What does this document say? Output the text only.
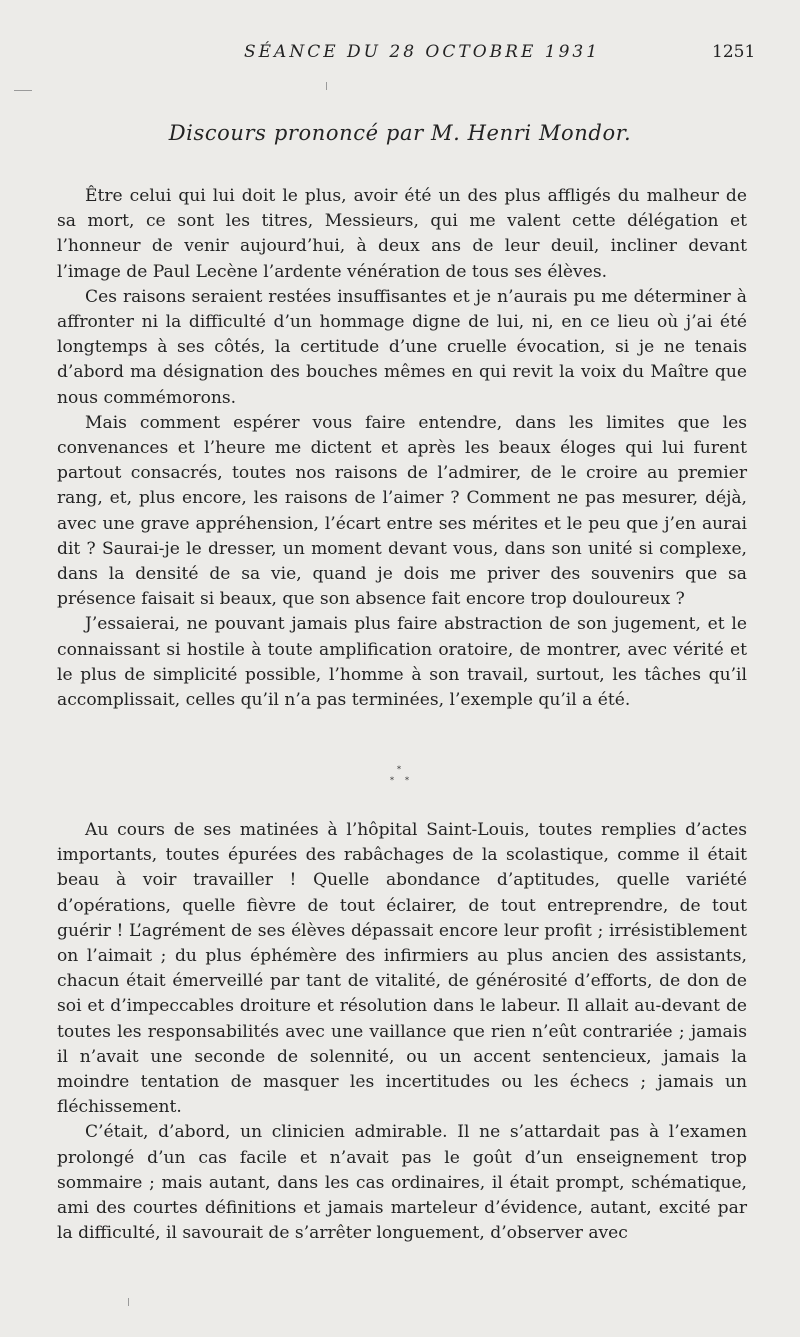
SÉANCE DU 28 OCTOBRE 1931	1251
Discours prononcé par M. Henri Mondor.

Être celui qui lui doit le plus, avoir été un des plus affligés du malheur de sa mort, ce sont les titres, Messieurs, qui me valent cette délégation et l’honneur de venir aujourd’hui, à deux ans de leur deuil, incliner devant l’image de Paul Lecène l’ardente vénération de tous ses élèves.

Ces raisons seraient restées insuffisantes et je n’aurais pu me déterminer à affronter ni la difficulté d’un hommage digne de lui, ni, en ce lieu où j’ai été longtemps à ses côtés, la certitude d’une cruelle évocation, si je ne tenais d’abord ma désignation des bouches mêmes en qui revit la voix du Maître que nous commémorons.

Mais comment espérer vous faire entendre, dans les limites que les convenances et l’heure me dictent et après les beaux éloges qui lui furent partout consacrés, toutes nos raisons de l’admirer, de le croire au premier rang, et, plus encore, les raisons de l’aimer ? Comment ne pas mesurer, déjà, avec une grave appréhension, l’écart entre ses mérites et le peu que j’en aurai dit ? Saurai-je le dresser, un moment devant vous, dans son unité si complexe, dans la densité de sa vie, quand je dois me priver des souvenirs que sa présence faisait si beaux, que son absence fait encore trop douloureux ?

J’essaierai, ne pouvant jamais plus faire abstraction de son jugement, et le connaissant si hostile à toute amplification oratoire, de montrer, avec vérité et le plus de simplicité possible, l’homme à son travail, surtout, les tâches qu’il accomplissait, celles qu’il n’a pas terminées, l’exemple qu’il a été.

*
* *

Au cours de ses matinées à l’hôpital Saint-Louis, toutes remplies d’actes importants, toutes épurées des rabâchages de la scolastique, comme il était beau à voir travailler ! Quelle abondance d’aptitudes, quelle variété d’opérations, quelle fièvre de tout éclairer, de tout entreprendre, de tout guérir ! L’agrément de ses élèves dépassait encore leur profit ; irrésistiblement on l’aimait ; du plus éphémère des infirmiers au plus ancien des assistants, chacun était émerveillé par tant de vitalité, de générosité d’efforts, de don de soi et d’impeccables droiture et résolution dans le labeur. Il allait au-devant de toutes les responsabilités avec une vaillance que rien n’eût contrariée ; jamais il n’avait une seconde de solennité, ou un accent sentencieux, jamais la moindre tentation de masquer les incertitudes ou les échecs ; jamais un fléchissement.

C’était, d’abord, un clinicien admirable. Il ne s’attardait pas à l’examen prolongé d’un cas facile et n’avait pas le goût d’un enseignement trop sommaire ; mais autant, dans les cas ordinaires, il était prompt, schématique, ami des courtes définitions et jamais marteleur d’évidence, autant, excité par la difficulté, il savourait de s’arrêter longuement, d’observer avec
